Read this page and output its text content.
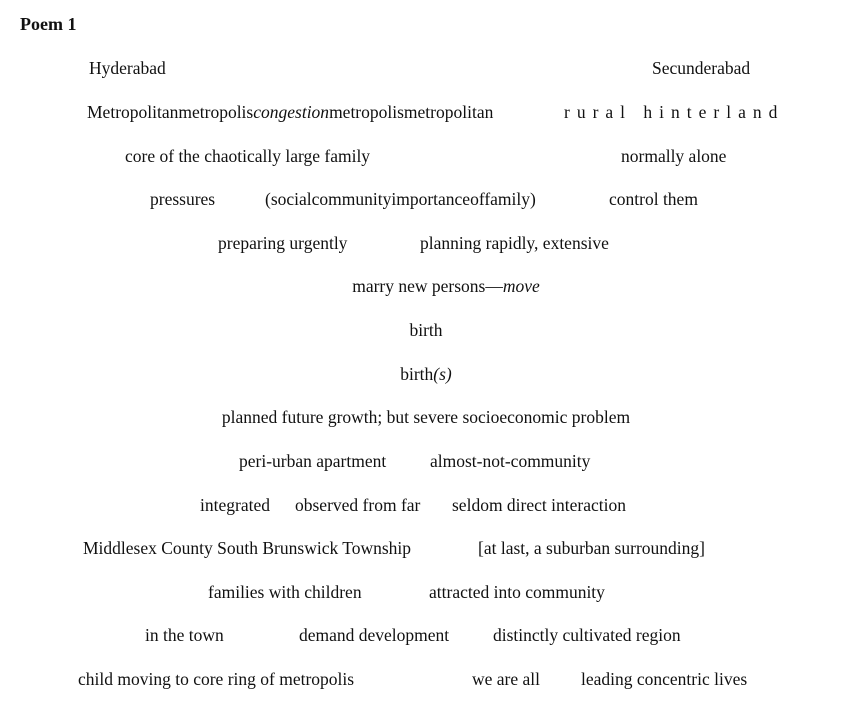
Poem 1
Hyderabad	Secunderabad
Metropolitanmetropoliscongestionmetropolismetropolitan	rural hinterland
core of the chaotically large family	normally alone
pressures	(socialcommunityimportanceoffamily)	control them
preparing urgently	planning rapidly, extensive
marry new persons—move
birth
birth(s)
planned future growth; but severe socioeconomic problem
peri-urban apartment	almost-not-community
integrated observed from far seldom direct interaction
Middlesex County South Brunswick Township	[at last, a suburban surrounding]
families with children	attracted into community
in the town	demand development	distinctly cultivated region
child moving to core ring of metropolis	we are all leading concentric lives
